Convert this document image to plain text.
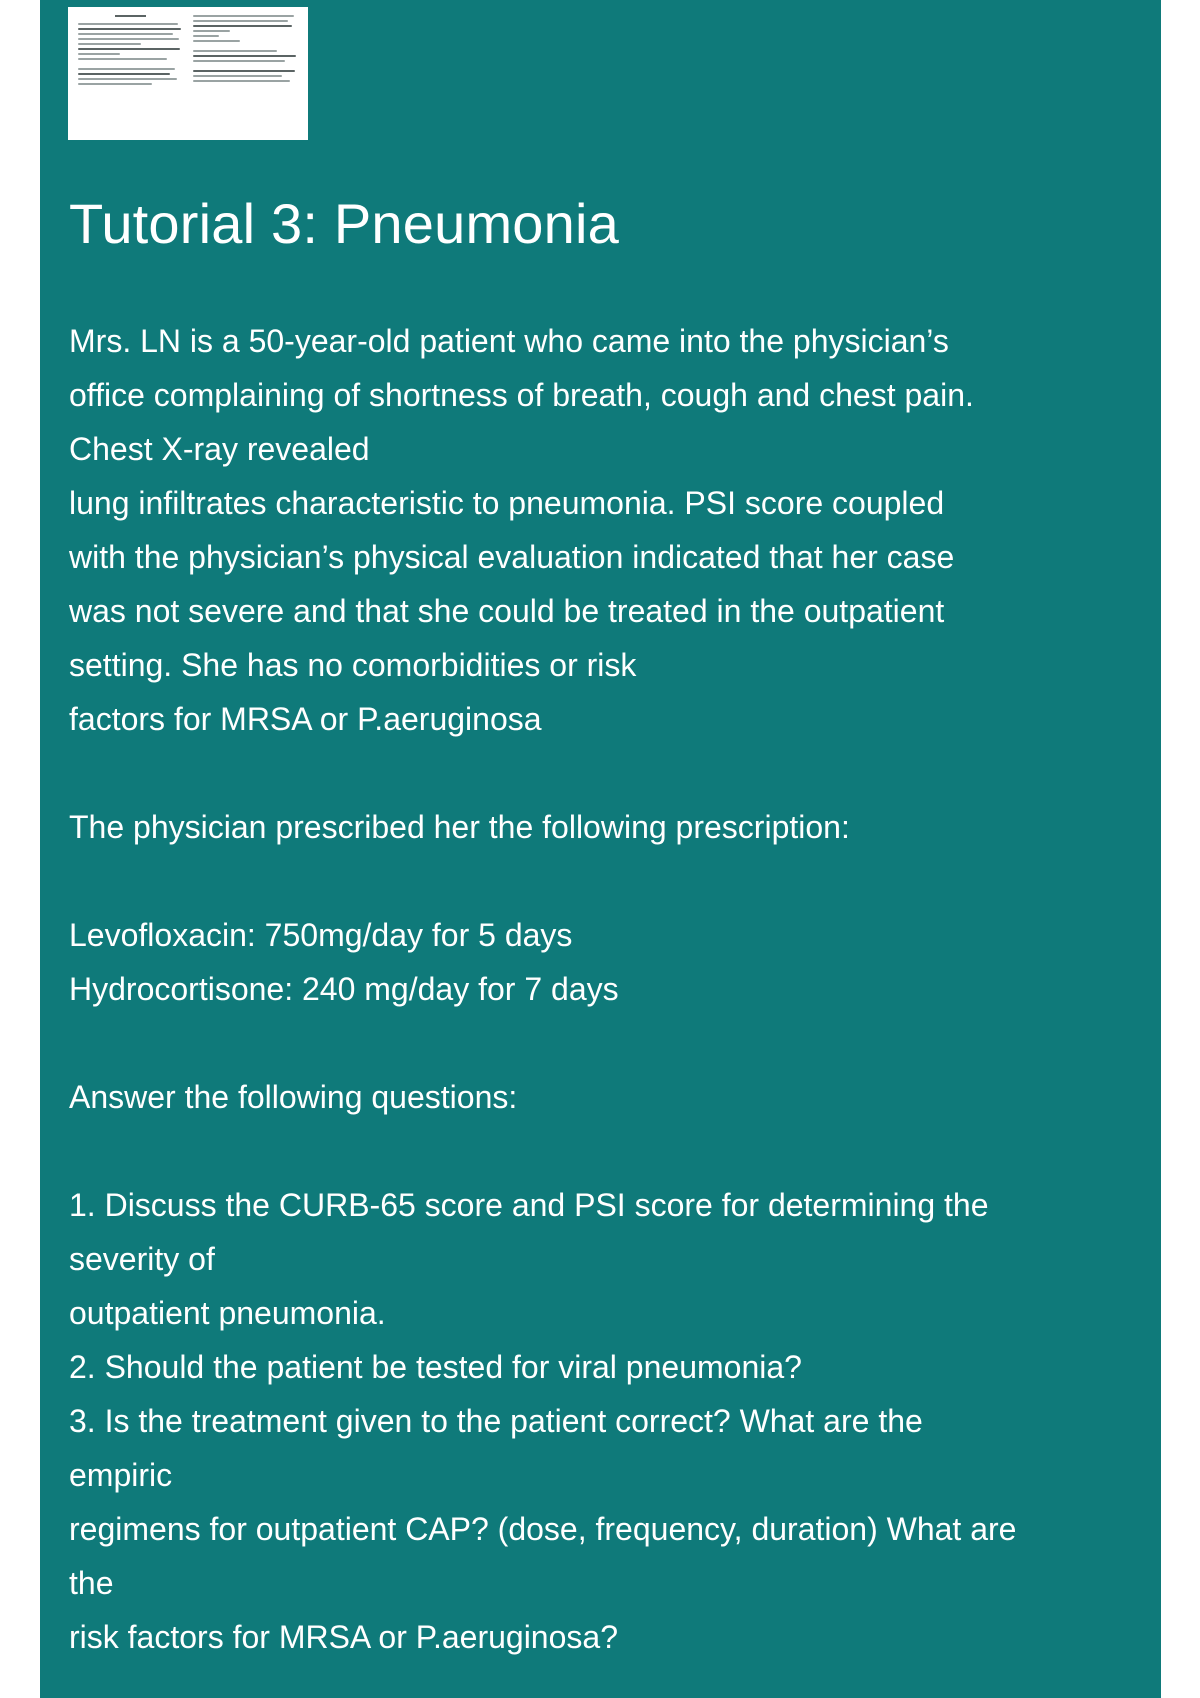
Tutorial 3: Pneumonia
Mrs. LN is a 50-year-old patient who came into the physician’s
office complaining of shortness of breath, cough and chest pain.
Chest X-ray revealed
lung infiltrates characteristic to pneumonia. PSI score coupled
with the physician’s physical evaluation indicated that her case
was not severe and that she could be treated in the outpatient
setting. She has no comorbidities or risk
factors for MRSA or P.aeruginosa
The physician prescribed her the following prescription:
Levofloxacin: 750mg/day for 5 days
Hydrocortisone: 240 mg/day for 7 days
Answer the following questions:
1. Discuss the CURB-65 score and PSI score for determining the
severity of
outpatient pneumonia.
2. Should the patient be tested for viral pneumonia?
3. Is the treatment given to the patient correct? What are the
empiric
regimens for outpatient CAP? (dose, frequency, duration) What are
the
risk factors for MRSA or P.aeruginosa?
